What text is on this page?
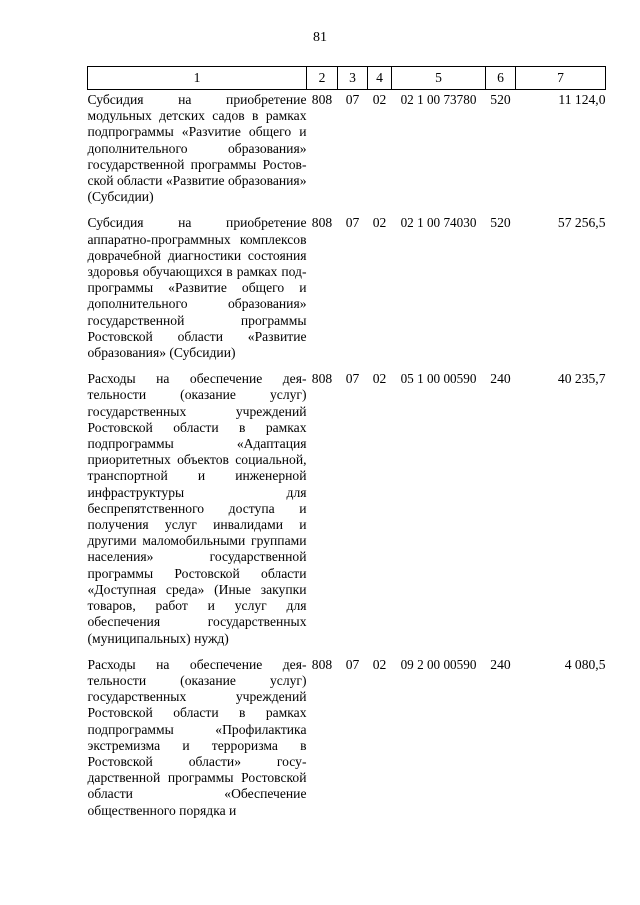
81
1	2	3	4	5	6	7
Субсидия на приобретение модульных детских садов в рамках подпрограммы «Разvитие общего и дополнительного образования» государственной программы Ростовской области «Развитие образования» (Субсидии)	808	07	02	02 1 00 73780	520	11 124,0
Субсидия на приобретение аппаратно-программных комплексов доврачебной диагностики состояния здоровья обучающихся в рамках подпрограммы «Развитие общего и дополнительного образования» государственной программы Ростовской области «Развитие образования» (Субсидии)	808	07	02	02 1 00 74030	520	57 256,5
Расходы на обеспечение деятельности (оказание услуг) государственных учреждений Ростовской области в рамках подпрограммы «Адаптация приоритетных объектов социальной, транспортной и инженерной инфраструктуры для беспрепятственного доступа и получения услуг инвалидами и другими маломобильными группами населения» государственной программы Ростовской области «Доступная среда» (Иные закупки товаров, работ и услуг для обеспечения государственных (муниципальных) нужд)	808	07	02	05 1 00 00590	240	40 235,7
Расходы на обеспечение деятельности (оказание услуг) государственных учреждений Ростовской области в рамках подпрограммы «Профилактика экстремизма и терроризма в Ростовской области» государственной программы Ростовской области «Обеспечение общественного порядка и	808	07	02	09 2 00 00590	240	4 080,5
